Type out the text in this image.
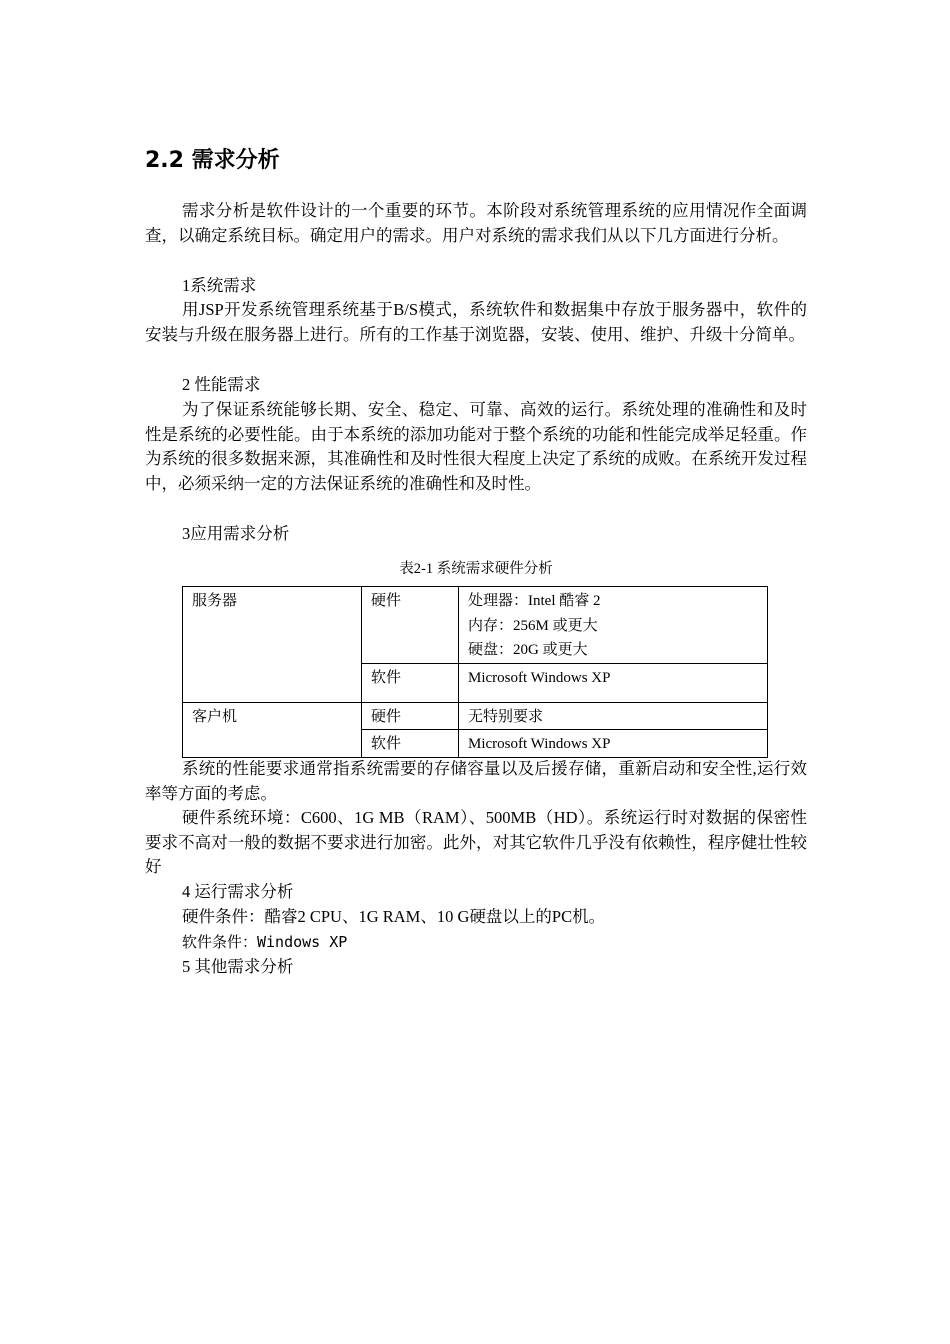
2.2 需求分析

需求分析是软件设计的一个重要的环节。本阶段对系统管理系统的应用情况作全面调查，以确定系统目标。确定用户的需求。用户对系统的需求我们从以下几方面进行分析。

1系统需求

用JSP开发系统管理系统基于B/S模式，系统软件和数据集中存放于服务器中，软件的安装与升级在服务器上进行。所有的工作基于浏览器，安装、使用、维护、升级十分简单。

2 性能需求

为了保证系统能够长期、安全、稳定、可靠、高效的运行。系统处理的准确性和及时性是系统的必要性能。由于本系统的添加功能对于整个系统的功能和性能完成举足轻重。作为系统的很多数据来源，其准确性和及时性很大程度上决定了系统的成败。在系统开发过程中，必须采纳一定的方法保证系统的准确性和及时性。

3应用需求分析

表2-1 系统需求硬件分析

服务器	硬件	处理器：Intel 酷睿 2
内存：256M 或更大
硬盘：20G 或更大

	软件	Microsoft Windows XP
客户机	硬件	无特别要求
	软件	Microsoft Windows XP

系统的性能要求通常指系统需要的存储容量以及后援存储，重新启动和安全性,运行效率等方面的考虑。

硬件系统环境：C600、1G MB（RAM）、500MB（HD）。系统运行时对数据的保密性要求不高对一般的数据不要求进行加密。此外，对其它软件几乎没有依赖性，程序健壮性较好

4 运行需求分析

硬件条件：酷睿2 CPU、1G RAM、10 G硬盘以上的PC机。

软件条件：Windows XP

5 其他需求分析
